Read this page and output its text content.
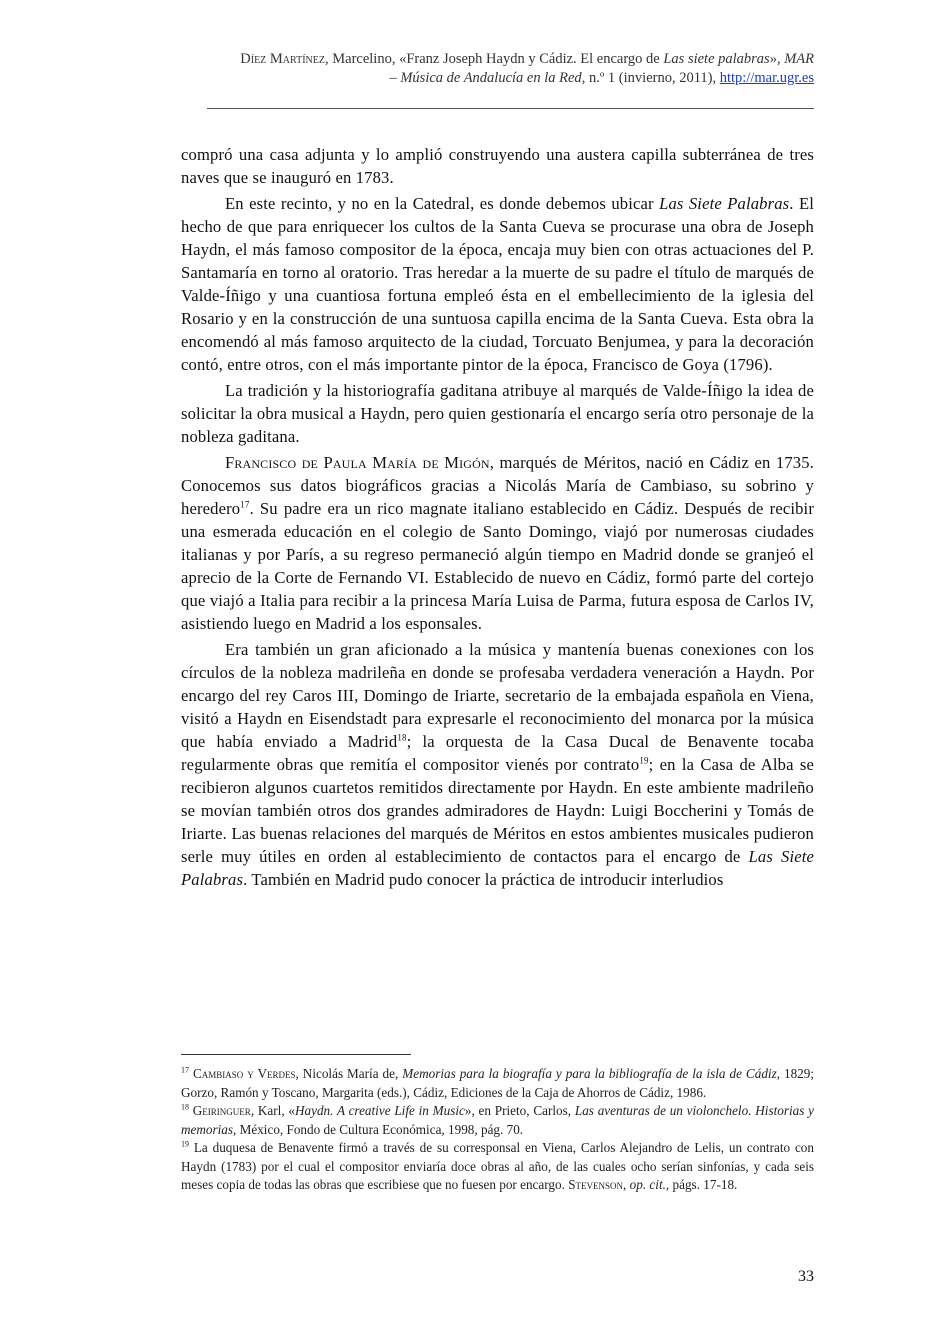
Díez Martínez, Marcelino, «Franz Joseph Haydn y Cádiz. El encargo de Las siete palabras», MAR
– Música de Andalucía en la Red, n.º 1 (invierno, 2011), http://mar.ugr.es

compró una casa adjunta y lo amplió construyendo una austera capilla subterránea de tres naves que se inauguró en 1783.

En este recinto, y no en la Catedral, es donde debemos ubicar Las Siete Palabras. El hecho de que para enriquecer los cultos de la Santa Cueva se procurase una obra de Joseph Haydn, el más famoso compositor de la época, encaja muy bien con otras actuaciones del P. Santamaría en torno al oratorio. Tras heredar a la muerte de su padre el título de marqués de Valde-Íñigo y una cuantiosa fortuna empleó ésta en el embellecimiento de la iglesia del Rosario y en la construcción de una suntuosa capilla encima de la Santa Cueva. Esta obra la encomendó al más famoso arquitecto de la ciudad, Torcuato Benjumea, y para la decoración contó, entre otros, con el más importante pintor de la época, Francisco de Goya (1796).

La tradición y la historiografía gaditana atribuye al marqués de Valde-Íñigo la idea de solicitar la obra musical a Haydn, pero quien gestionaría el encargo sería otro personaje de la nobleza gaditana.

Francisco de Paula María de Migón, marqués de Méritos, nació en Cádiz en 1735. Conocemos sus datos biográficos gracias a Nicolás María de Cambiaso, su sobrino y heredero$^{17}$. Su padre era un rico magnate italiano establecido en Cádiz. Después de recibir una esmerada educación en el colegio de Santo Domingo, viajó por numerosas ciudades italianas y por París, a su regreso permaneció algún tiempo en Madrid donde se granjeó el aprecio de la Corte de Fernando VI. Establecido de nuevo en Cádiz, formó parte del cortejo que viajó a Italia para recibir a la princesa María Luisa de Parma, futura esposa de Carlos IV, asistiendo luego en Madrid a los esponsales.

Era también un gran aficionado a la música y mantenía buenas conexiones con los círculos de la nobleza madrileña en donde se profesaba verdadera veneración a Haydn. Por encargo del rey Caros III, Domingo de Iriarte, secretario de la embajada española en Viena, visitó a Haydn en Eisendstadt para expresarle el reconocimiento del monarca por la música que había enviado a Madrid$^{18}$; la orquesta de la Casa Ducal de Benavente tocaba regularmente obras que remitía el compositor vienés por contrato$^{19}$; en la Casa de Alba se recibieron algunos cuartetos remitidos directamente por Haydn. En este ambiente madrileño se movían también otros dos grandes admiradores de Haydn: Luigi Boccherini y Tomás de Iriarte. Las buenas relaciones del marqués de Méritos en estos ambientes musicales pudieron serle muy útiles en orden al establecimiento de contactos para el encargo de Las Siete Palabras. También en Madrid pudo conocer la práctica de introducir interludios

$^{17}$ Cambiaso y Verdes, Nicolás María de, Memorias para la biografía y para la bibliografía de la isla de Cádiz, 1829; Gorzo, Ramón y Toscano, Margarita (eds.), Cádiz, Ediciones de la Caja de Ahorros de Cádiz, 1986.

$^{18}$ Geiringuer, Karl, «Haydn. A creative Life in Music», en Prieto, Carlos, Las aventuras de un violonchelo. Historias y memorias, México, Fondo de Cultura Económica, 1998, pág. 70.

$^{19}$ La duquesa de Benavente firmó a través de su corresponsal en Viena, Carlos Alejandro de Lelis, un contrato con Haydn (1783) por el cual el compositor enviaría doce obras al año, de las cuales ocho serían sinfonías, y cada seis meses copia de todas las obras que escribiese que no fuesen por encargo. Stevenson, op. cit., págs. 17-18.

33
